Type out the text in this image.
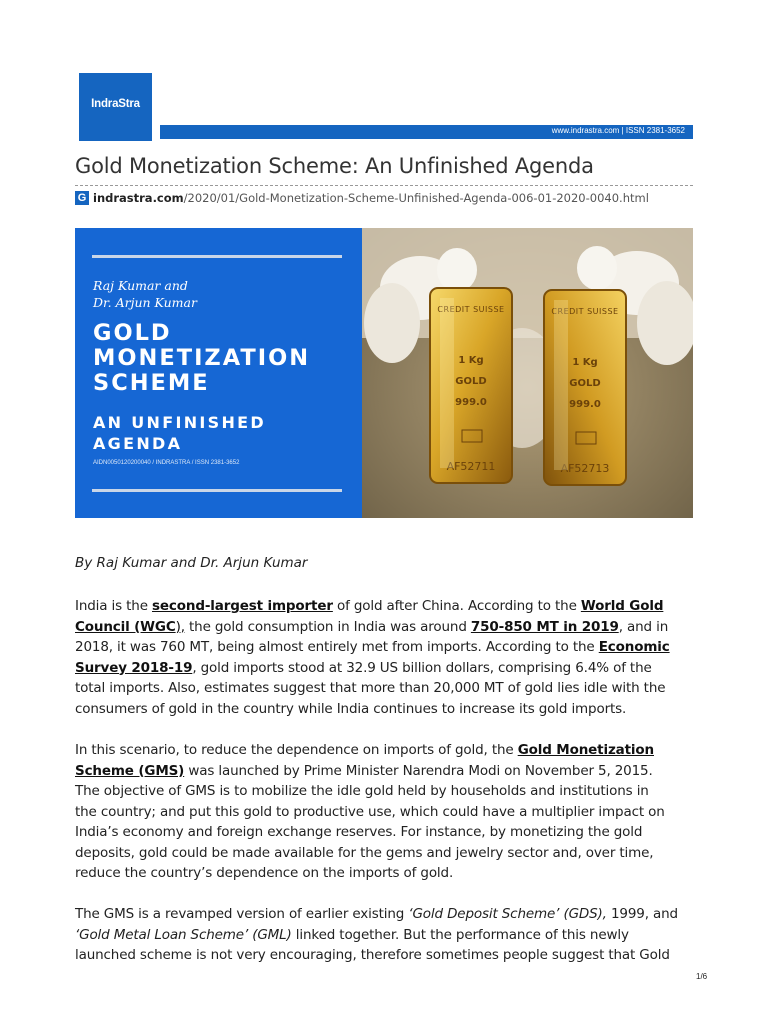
IndraStra
www.indrastra.com | ISSN 2381-3652
Gold Monetization Scheme: An Unfinished Agenda
G indrastra.com /2020/01/Gold-Monetization-Scheme-Unfinished-Agenda-006-01-2020-0040.html
Raj Kumar and
Dr. Arjun Kumar
GOLD
MONETIZATION
SCHEME
AN UNFINISHED
AGENDA
AIDN0050120200040 / INDRASTRA / ISSN 2381-3652
CREDIT SUISSE
1 Kg
GOLD
999.0
AF52711
CREDIT SUISSE
1 Kg
GOLD
999.0
AF52713
By Raj Kumar and Dr. Arjun Kumar
India is the second-largest importer of gold after China. According to the World Gold
Council (WGC), the gold consumption in India was around 750-850 MT in 2019, and in
2018, it was 760 MT, being almost entirely met from imports. According to the Economic
Survey 2018-19, gold imports stood at 32.9 US billion dollars, comprising 6.4% of the
total imports. Also, estimates suggest that more than 20,000 MT of gold lies idle with the
consumers of gold in the country while India continues to increase its gold imports.
In this scenario, to reduce the dependence on imports of gold, the Gold Monetization
Scheme (GMS) was launched by Prime Minister Narendra Modi on November 5, 2015.
The objective of GMS is to mobilize the idle gold held by households and institutions in
the country; and put this gold to productive use, which could have a multiplier impact on
India’s economy and foreign exchange reserves. For instance, by monetizing the gold
deposits, gold could be made available for the gems and jewelry sector and, over time,
reduce the country’s dependence on the imports of gold.
The GMS is a revamped version of earlier existing ‘Gold Deposit Scheme’ (GDS), 1999, and
‘Gold Metal Loan Scheme’ (GML) linked together. But the performance of this newly
launched scheme is not very encouraging, therefore sometimes people suggest that Gold
1/6
